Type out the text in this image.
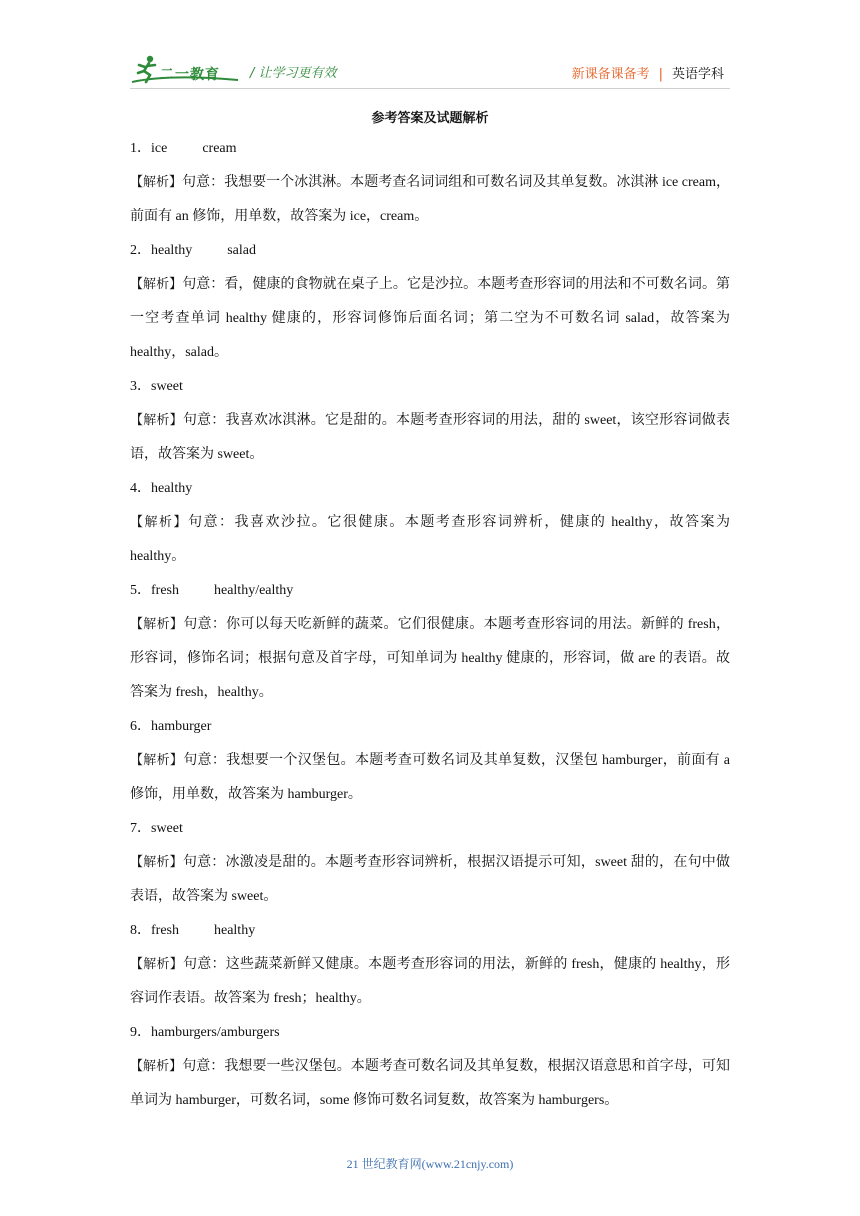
二一教育 / 让学习更有效	新课备课备考 | 英语学科
参考答案及试题解析
1．ice          cream
【解析】句意：我想要一个冰淇淋。本题考查名词词组和可数名词及其单复数。冰淇淋 ice cream，前面有 an 修饰，用单数，故答案为 ice，cream。
2．healthy          salad
【解析】句意：看，健康的食物就在桌子上。它是沙拉。本题考查形容词的用法和不可数名词。第一空考查单词 healthy 健康的，形容词修饰后面名词；第二空为不可数名词 salad，故答案为 healthy，salad。
3．sweet
【解析】句意：我喜欢冰淇淋。它是甜的。本题考查形容词的用法，甜的 sweet，该空形容词做表语，故答案为 sweet。
4．healthy
【解析】句意：我喜欢沙拉。它很健康。本题考查形容词辨析，健康的 healthy，故答案为 healthy。
5．fresh          healthy/ealthy
【解析】句意：你可以每天吃新鲜的蔬菜。它们很健康。本题考查形容词的用法。新鲜的 fresh，形容词，修饰名词；根据句意及首字母，可知单词为 healthy 健康的，形容词，做 are 的表语。故答案为 fresh，healthy。
6．hamburger
【解析】句意：我想要一个汉堡包。本题考查可数名词及其单复数，汉堡包 hamburger，前面有 a 修饰，用单数，故答案为 hamburger。
7．sweet
【解析】句意：冰激凌是甜的。本题考查形容词辨析，根据汉语提示可知，sweet 甜的，在句中做表语，故答案为 sweet。
8．fresh          healthy
【解析】句意：这些蔬菜新鲜又健康。本题考查形容词的用法，新鲜的 fresh，健康的 healthy，形容词作表语。故答案为 fresh；healthy。
9．hamburgers/amburgers
【解析】句意：我想要一些汉堡包。本题考查可数名词及其单复数，根据汉语意思和首字母，可知单词为 hamburger，可数名词，some 修饰可数名词复数，故答案为 hamburgers。
21 世纪教育网(www.21cnjy.com)
